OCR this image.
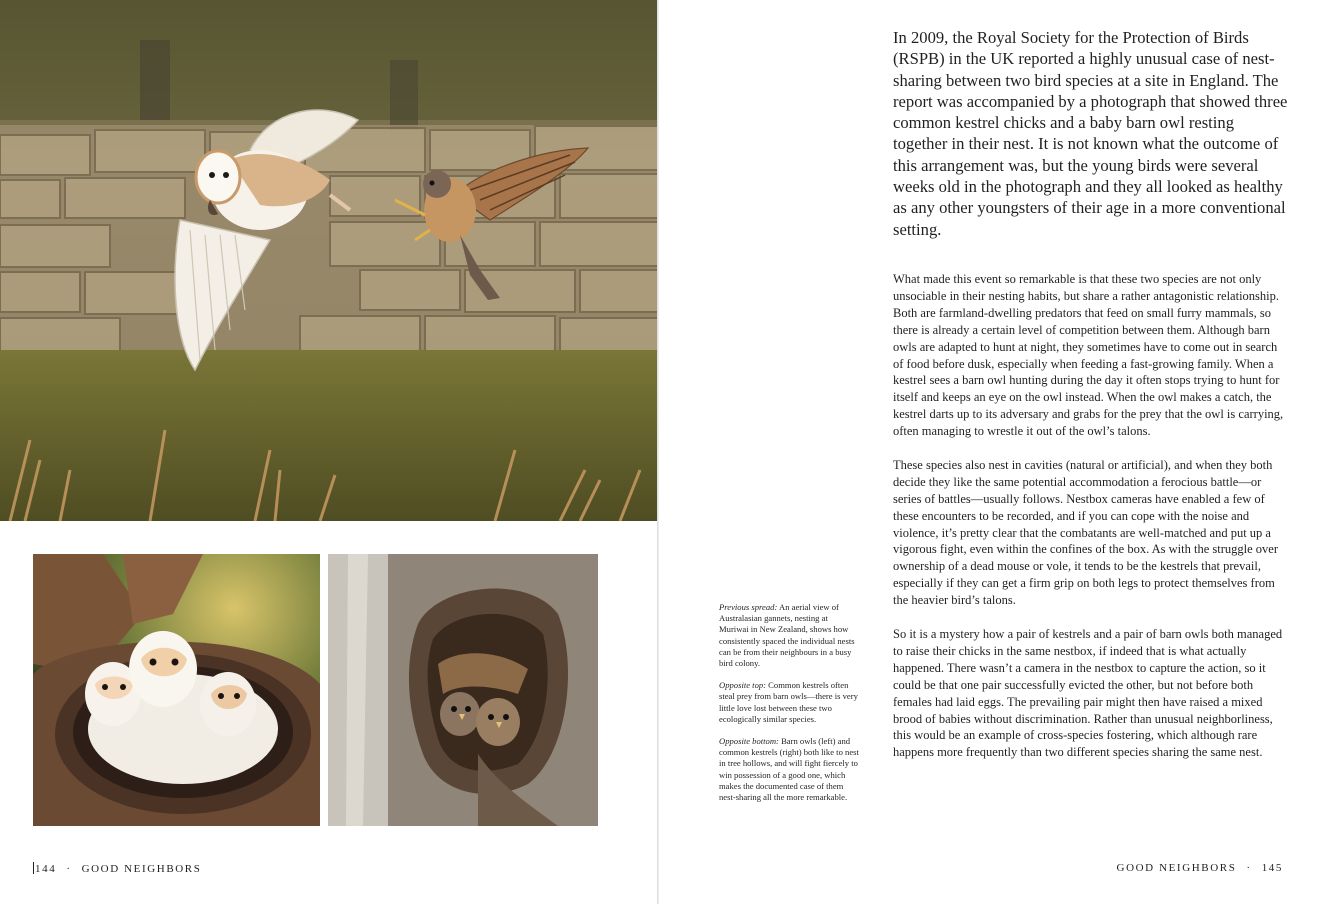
144 · GOOD NEIGHBORS
In 2009, the Royal Society for the Protection of Birds (RSPB) in the UK reported a highly unusual case of nest-sharing between two bird species at a site in England. The report was accompanied by a photograph that showed three common kestrel chicks and a baby barn owl resting together in their nest. It is not known what the outcome of this arrangement was, but the young birds were several weeks old in the photograph and they all looked as healthy as any other youngsters of their age in a more conventional setting.

What made this event so remarkable is that these two species are not only unsociable in their nesting habits, but share a rather antagonistic relationship. Both are farmland-dwelling predators that feed on small furry mammals, so there is already a certain level of competition between them. Although barn owls are adapted to hunt at night, they sometimes have to come out in search of food before dusk, especially when feeding a fast-growing family. When a kestrel sees a barn owl hunting during the day it often stops trying to hunt for itself and keeps an eye on the owl instead. When the owl makes a catch, the kestrel darts up to its adversary and grabs for the prey that the owl is carrying, often managing to wrestle it out of the owl’s talons.

These species also nest in cavities (natural or artificial), and when they both decide they like the same potential accommodation a ferocious battle—or series of battles—usually follows. Nestbox cameras have enabled a few of these encounters to be recorded, and if you can cope with the noise and violence, it’s pretty clear that the combatants are well-matched and put up a vigorous fight, even within the confines of the box. As with the struggle over ownership of a dead mouse or vole, it tends to be the kestrels that prevail, especially if they can get a firm grip on both legs to protect themselves from the heavier bird’s talons.

So it is a mystery how a pair of kestrels and a pair of barn owls both managed to raise their chicks in the same nestbox, if indeed that is what actually happened. There wasn’t a camera in the nestbox to capture the action, so it could be that one pair successfully evicted the other, but not before both females had laid eggs. The prevailing pair might then have raised a mixed brood of babies without discrimination. Rather than unusual neighborliness, this would be an example of cross-species fostering, which although rare happens more frequently than two different species sharing the same nest.

Previous spread: An aerial view of Australasian gannets, nesting at Muriwai in New Zealand, shows how consistently spaced the individual nests can be from their neighbours in a busy bird colony.

Opposite top: Common kestrels often steal prey from barn owls—there is very little love lost between these two ecologically similar species.

Opposite bottom: Barn owls (left) and common kestrels (right) both like to nest in tree hollows, and will fight fiercely to win possession of a good one, which makes the documented case of them nest-sharing all the more remarkable.

GOOD NEIGHBORS · 145
